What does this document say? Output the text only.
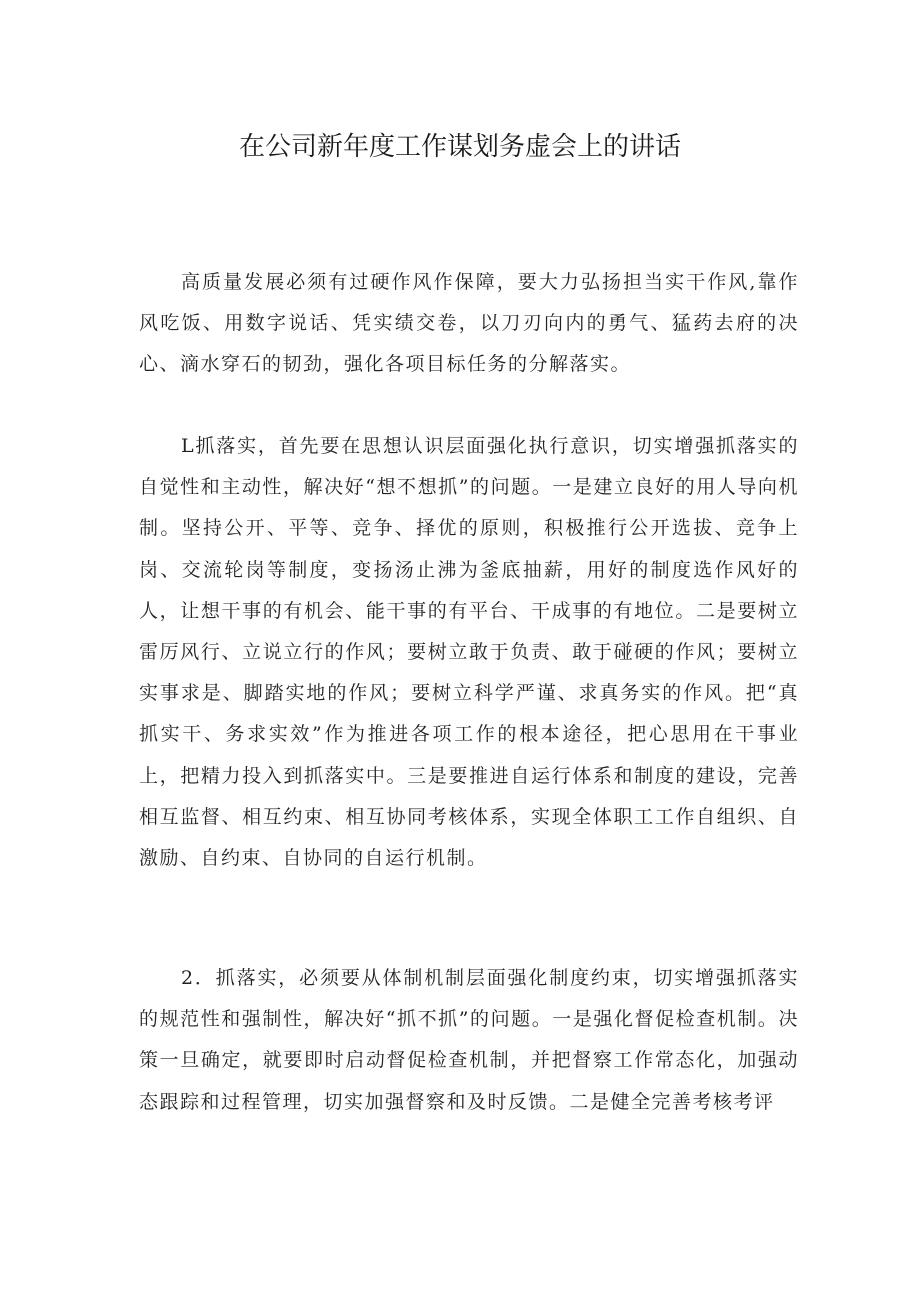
在公司新年度工作谋划务虚会上的讲话

高质量发展必须有过硬作风作保障，要大力弘扬担当实干作风,靠作风吃饭、用数字说话、凭实绩交卷，以刀刃向内的勇气、猛药去府的决心、滴水穿石的韧劲，强化各项目标任务的分解落实。

L抓落实，首先要在思想认识层面强化执行意识，切实增强抓落实的自觉性和主动性，解决好“想不想抓”的问题。一是建立良好的用人导向机制。坚持公开、平等、竞争、择优的原则，积极推行公开选拔、竞争上岗、交流轮岗等制度，变扬汤止沸为釜底抽薪，用好的制度选作风好的人，让想干事的有机会、能干事的有平台、干成事的有地位。二是要树立雷厉风行、立说立行的作风；要树立敢于负责、敢于碰硬的作风；要树立实事求是、脚踏实地的作风；要树立科学严谨、求真务实的作风。把“真抓实干、务求实效”作为推进各项工作的根本途径，把心思用在干事业上，把精力投入到抓落实中。三是要推进自运行体系和制度的建设，完善相互监督、相互约束、相互协同考核体系，实现全体职工工作自组织、自激励、自约束、自协同的自运行机制。

2．抓落实，必须要从体制机制层面强化制度约束，切实增强抓落实的规范性和强制性，解决好“抓不抓”的问题。一是强化督促检查机制。决策一旦确定，就要即时启动督促检查机制，并把督察工作常态化，加强动态跟踪和过程管理，切实加强督察和及时反馈。二是健全完善考核考评
